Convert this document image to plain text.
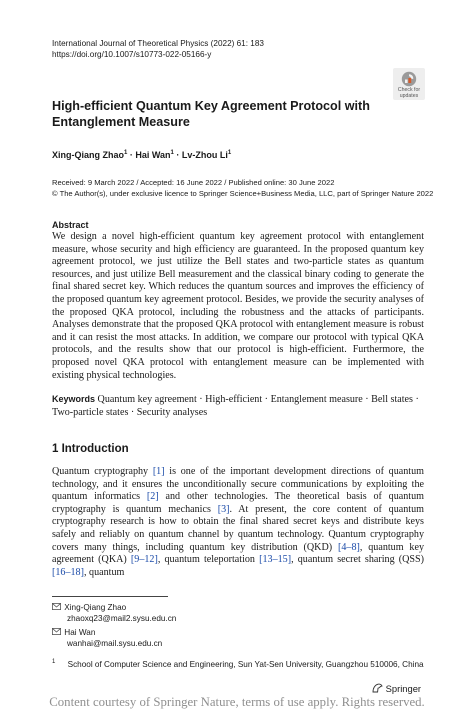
International Journal of Theoretical Physics (2022) 61: 183
https://doi.org/10.1007/s10773-022-05166-y
Check for
updates
High-efficient Quantum Key Agreement Protocol with Entanglement Measure
Xing-Qiang Zhao$^1$ · Hai Wan$^1$ · Lv-Zhou Li$^1$
Received: 9 March 2022 / Accepted: 16 June 2022 / Published online: 30 June 2022
© The Author(s), under exclusive licence to Springer Science+Business Media, LLC, part of Springer Nature 2022
Abstract
We design a novel high-efficient quantum key agreement protocol with entanglement measure, whose security and high efficiency are guaranteed. In the proposed quantum key agreement protocol, we just utilize the Bell states and two-particle states as quantum resources, and just utilize Bell measurement and the classical binary coding to generate the final shared secret key. Which reduces the quantum sources and improves the efficiency of the proposed quantum key agreement protocol. Besides, we provide the security analyses of the proposed QKA protocol, including the robustness and the attacks of participants. Analyses demonstrate that the proposed QKA protocol with entanglement measure is robust and it can resist the most attacks. In addition, we compare our protocol with typical QKA protocols, and the results show that our protocol is high-efficient. Furthermore, the proposed novel QKA protocol with entanglement measure can be implemented with existing physical technologies.
Keywords Quantum key agreement · High-efficient · Entanglement measure · Bell states · Two-particle states · Security analyses
1 Introduction
Quantum cryptography [1] is one of the important development directions of quantum technology, and it ensures the unconditionally secure communications by exploiting the quantum informatics [2] and other technologies. The theoretical basis of quantum cryptography is quantum mechanics [3]. At present, the core content of quantum cryptography research is how to obtain the final shared secret keys and distribute keys safely and reliably on quantum channel by quantum technology. Quantum cryptography covers many things, including quantum key distribution (QKD) [4–8], quantum key agreement (QKA) [9–12], quantum teleportation [13–15], quantum secret sharing (QSS) [16–18], quantum
Xing-Qiang Zhao
zhaoxq23@mail2.sysu.edu.cn
Hai Wan
wanhai@mail.sysu.edu.cn
$^1$ School of Computer Science and Engineering, Sun Yat-Sen University, Guangzhou 510006, China
Springer
Content courtesy of Springer Nature, terms of use apply. Rights reserved.
